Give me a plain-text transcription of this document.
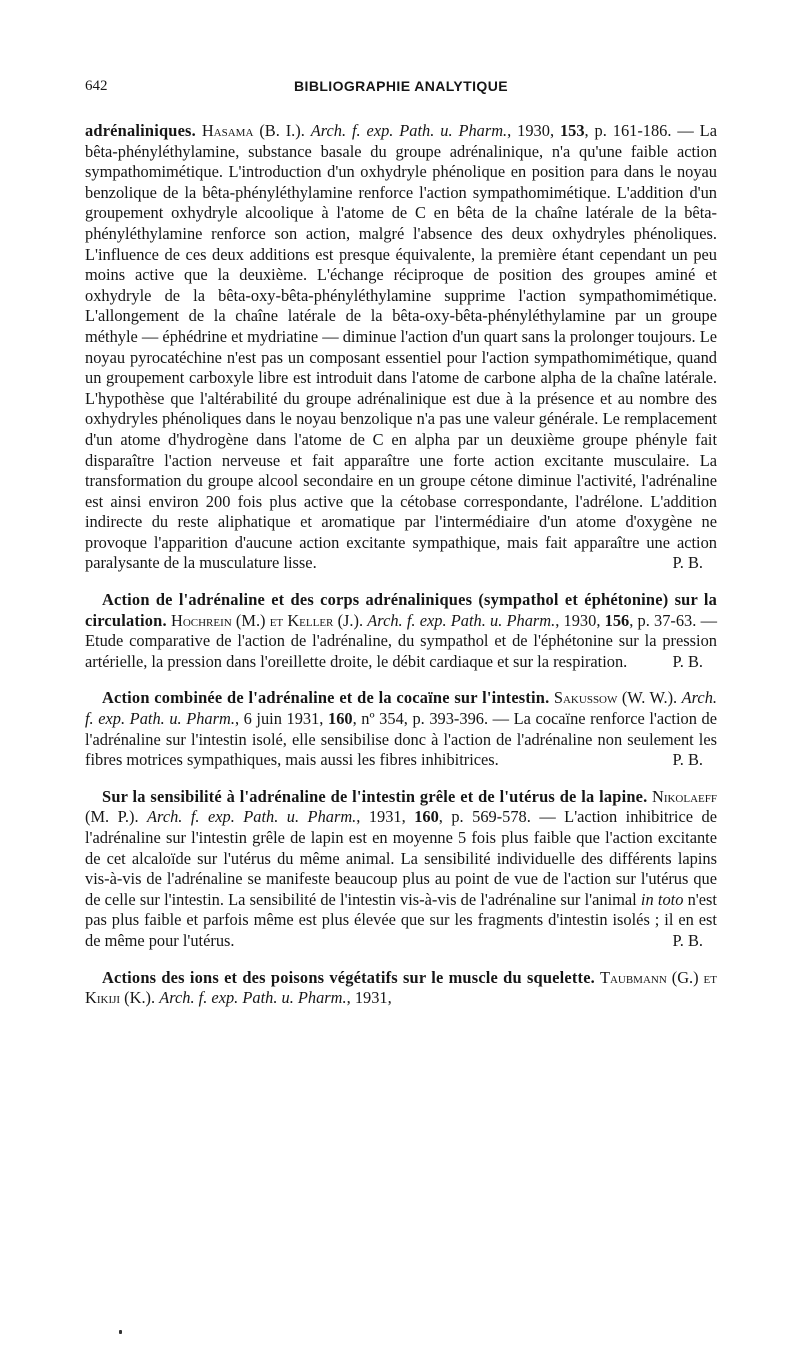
642	BIBLIOGRAPHIE ANALYTIQUE

adrénaliniques. Hasama (B. I.). Arch. f. exp. Path. u. Pharm., 1930, 153, p. 161-186. — La bêta-phényléthylamine, substance basale du groupe adrénalinique, n'a qu'une faible action sympathomimétique. L'introduction d'un oxhydryle phénolique en position para dans le noyau benzolique de la bêta-phényléthylamine renforce l'action sympathomimétique. L'addition d'un groupement oxhydryle alcoolique à l'atome de C en bêta de la chaîne latérale de la bêta-phényléthylamine renforce son action, malgré l'absence des deux oxhydryles phénoliques. L'influence de ces deux additions est presque équivalente, la première étant cependant un peu moins active que la deuxième. L'échange réciproque de position des groupes aminé et oxhydryle de la bêta-oxy-bêta-phényléthylamine supprime l'action sympathomimétique. L'allongement de la chaîne latérale de la bêta-oxy-bêta-phényléthylamine par un groupe méthyle — éphédrine et mydriatine — diminue l'action d'un quart sans la prolonger toujours. Le noyau pyrocatéchine n'est pas un composant essentiel pour l'action sympathomimétique, quand un groupement carboxyle libre est introduit dans l'atome de carbone alpha de la chaîne latérale. L'hypothèse que l'altérabilité du groupe adrénalinique est due à la présence et au nombre des oxhydryles phénoliques dans le noyau benzolique n'a pas une valeur générale. Le remplacement d'un atome d'hydrogène dans l'atome de C en alpha par un deuxième groupe phényle fait disparaître l'action nerveuse et fait apparaître une forte action excitante musculaire. La transformation du groupe alcool secondaire en un groupe cétone diminue l'activité, l'adrénaline est ainsi environ 200 fois plus active que la cétobase correspondante, l'adrélone. L'addition indirecte du reste aliphatique et aromatique par l'intermédiaire d'un atome d'oxygène ne provoque l'apparition d'aucune action excitante sympathique, mais fait apparaître une action paralysante de la musculature lisse.	P. B.

Action de l'adrénaline et des corps adrénaliniques (sympathol et éphétonine) sur la circulation. Hochrein (M.) et Keller (J.). Arch. f. exp. Path. u. Pharm., 1930, 156, p. 37-63. — Etude comparative de l'action de l'adrénaline, du sympathol et de l'éphétonine sur la pression artérielle, la pression dans l'oreillette droite, le débit cardiaque et sur la respiration.	P. B.

Action combinée de l'adrénaline et de la cocaïne sur l'intestin. Sakussow (W. W.). Arch. f. exp. Path. u. Pharm., 6 juin 1931, 160, nº 354, p. 393-396. — La cocaïne renforce l'action de l'adrénaline sur l'intestin isolé, elle sensibilise donc à l'action de l'adrénaline non seulement les fibres motrices sympathiques, mais aussi les fibres inhibitrices.	P. B.

Sur la sensibilité à l'adrénaline de l'intestin grêle et de l'utérus de la lapine. Nikolaeff (M. P.). Arch. f. exp. Path. u. Pharm., 1931, 160, p. 569-578. — L'action inhibitrice de l'adrénaline sur l'intestin grêle de lapin est en moyenne 5 fois plus faible que l'action excitante de cet alcaloïde sur l'utérus du même animal. La sensibilité individuelle des différents lapins vis-à-vis de l'adrénaline se manifeste beaucoup plus au point de vue de l'action sur l'utérus que de celle sur l'intestin. La sensibilité de l'intestin vis-à-vis de l'adrénaline sur l'animal in toto n'est pas plus faible et parfois même est plus élevée que sur les fragments d'intestin isolés ; il en est de même pour l'utérus.	P. B.

Actions des ions et des poisons végétatifs sur le muscle du squelette. Taubmann (G.) et Kikiji (K.). Arch. f. exp. Path. u. Pharm., 1931,
